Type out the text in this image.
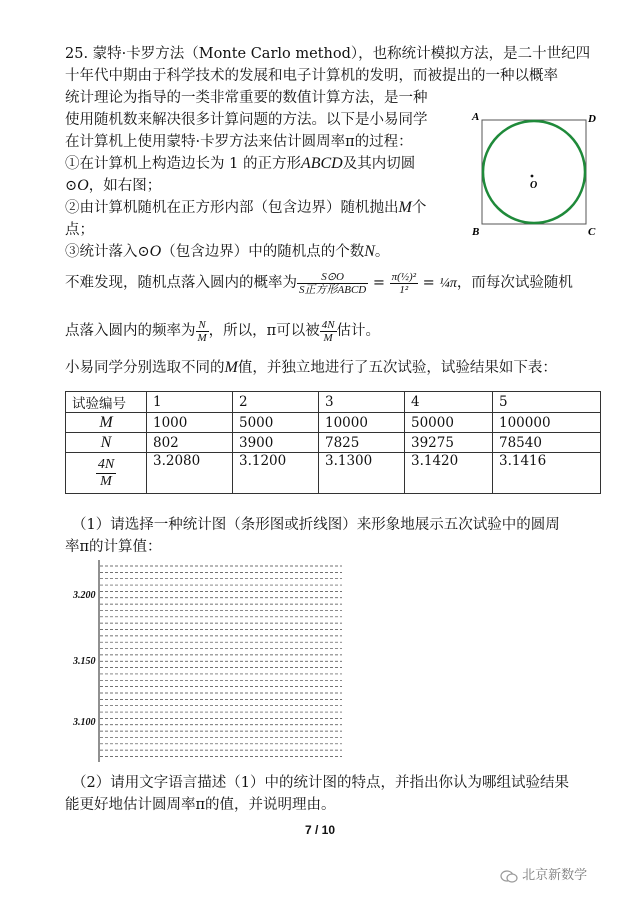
25. 蒙特·卡罗方法（Monte Carlo method），也称统计模拟方法，是二十世纪四
十年代中期由于科学技术的发展和电子计算机的发明，而被提出的一种以概率
统计理论为指导的一类非常重要的数值计算方法，是一种
使用随机数来解决很多计算问题的方法。以下是小易同学
在计算机上使用蒙特·卡罗方法来估计圆周率π的过程：
①在计算机上构造边长为 1 的正方形ABCD及其内切圆
⊙O，如右图；
②由计算机随机在正方形内部（包含边界）随机抛出M个
点；
③统计落入⊙O（包含边界）中的随机点的个数N。
A	D
B	C
O
不难发现，随机点落入圆内的概率为 $\frac{S⊙O}{\text{S正方形ABCD}} = \frac{\text{π(½)²}}{\text{1²}}$ = ¼π，而每次试验随机
点落入圆内的频率为 $\frac{N}{M}$ ，所以，π可以被 $\frac{4N}{M}$ 估计。
小易同学分别选取不同的M值，并独立地进行了五次试验，试验结果如下表：
试验编号	1	2	3	4	5
M	1000	5000	10000	50000	100000
N	802	3900	7825	39275	78540

$\frac{4N}{M}$	3.2080	3.1200	3.1300	3.1420	3.1416
（1）请选择一种统计图（条形图或折线图）来形象地展示五次试验中的圆周
率π的计算值：
3.200
3.150
3.100
（2）请用文字语言描述（1）中的统计图的特点，并指出你认为哪组试验结果
能更好地估计圆周率π的值，并说明理由。
7 / 10
北京新数学
